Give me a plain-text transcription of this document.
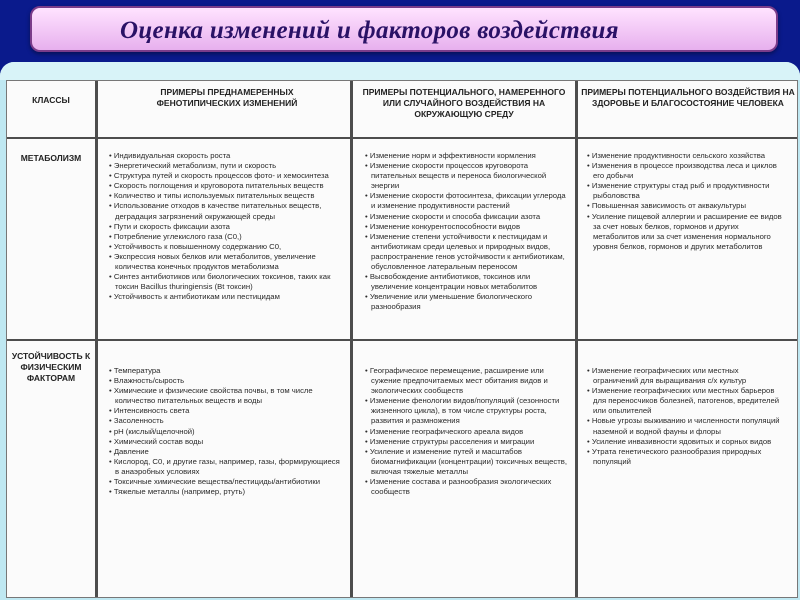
Оценка изменений и факторов воздействия
КЛАССЫ
ПРИМЕРЫ ПРЕДНАМЕРЕННЫХ ФЕНОТИПИЧЕСКИХ ИЗМЕНЕНИЙ
ПРИМЕРЫ ПОТЕНЦИАЛЬНОГО, НАМЕРЕННОГО ИЛИ СЛУЧАЙНОГО ВОЗДЕЙСТВИЯ НА ОКРУЖАЮЩУЮ СРЕДУ
ПРИМЕРЫ ПОТЕНЦИАЛЬНОГО ВОЗДЕЙСТВИЯ НА ЗДОРОВЬЕ И БЛАГОСОСТОЯНИЕ ЧЕЛОВЕКА
МЕТАБОЛИЗМ
•	Индивидуальная скорость роста
• Энергетический метаболизм, пути и скорость
• Структура путей и скорость процессов фото- и хемосинтеза
• Скорость поглощения и круговорота питательных веществ
• Количество и типы используемых питательных веществ
• Использование отходов в качестве питательных веществ, деградация загрязнений окружающей среды
• Пути и скорость фиксации азота
• Потребление углекислого газа (С0,)
• Устойчивость к повышенному содержанию С0,
• Экспрессия новых белков или метаболитов, увеличение количества конечных продуктов метаболизма
• Синтез антибиотиков или биологических токсинов, таких как токсин Bacillus thuringiensis (Bt токсин)
• Устойчивость к антибиотикам или пестицидам
• Изменение норм и эффективности кормления
• Изменение скорости процессов круговорота питательных веществ и переноса биологической энергии
• Изменение скорости фотосинтеза, фиксации углерода и изменение продуктивности растений
• Изменение скорости и способа фиксации азота
• Изменение конкурентоспособности видов
• Изменение степени устойчивости к пестицидам и антибиотикам среди целевых и природных видов, распространение генов устойчивости к антибиотикам, обусловленное латеральным переносом
• Высвобождение антибиотиков, токсинов или увеличение концентрации новых метаболитов
• Увеличение или уменьшение биологического разнообразия
• Изменение продуктивности сельского хозяйства
• Изменения в процессе производства леса и циклов его добычи
• Изменение структуры стад рыб и продуктивности рыболовства
• Повышенная зависимость от аквакультуры
• Усиление пищевой аллергии и расширение ее видов за счет новых белков, гормонов и других метаболитов или за счет изменения нормального уровня белков, гормонов и других метаболитов
УСТОЙЧИВОСТЬ К ФИЗИЧЕСКИМ ФАКТОРАМ
• Температура
• Влажность/сырость
• Химические и физические свойства почвы, в том числе количество питательных веществ и воды
• Интенсивность света
• Засоленность
• pH (кислый/щелочной)
• Химический состав воды
• Давление
• Кислород, С0, и другие газы, например, газы, формирующиеся в анаэробных условиях
• Токсичные химические вещества/пестициды/антибиотики
• Тяжелые металлы (например, ртуть)
• Географическое перемещение, расширение или сужение предпочитаемых мест обитания видов и экологических сообществ
• Изменение фенологии видов/популяций (сезонности жизненного цикла), в том числе структуры роста, развития и размножения
• Изменение географического ареала видов
• Изменение структуры расселения и миграции
• Усиление и изменение путей и масштабов биомагнификации (концентрации) токсичных веществ, включая тяжелые металлы
• Изменение состава и разнообразия экологических сообществ
• Изменение географических или местных ограничений для выращивания с/х культур
• Изменение географических или местных барьеров для переносчиков болезней, патогенов, вредителей или опылителей
• Новые угрозы выживанию и численности популяций наземной и водной фауны и флоры
• Усиление инвазивности ядовитых и сорных видов
• Утрата генетического разнообразия природных популяций
